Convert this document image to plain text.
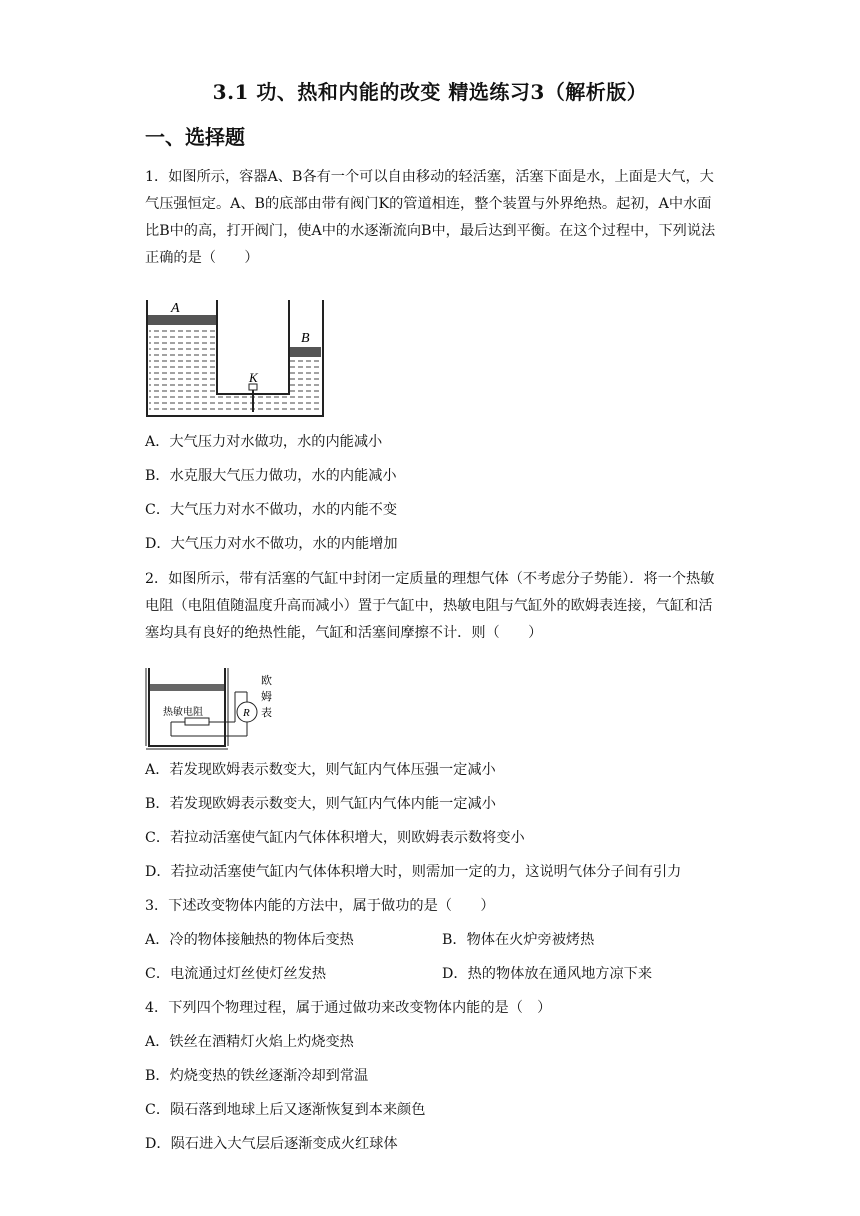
3.1 功、热和内能的改变 精选练习3（解析版）
一、选择题
1．如图所示，容器A、B各有一个可以自由移动的轻活塞，活塞下面是水，上面是大气，大气压强恒定。A、B的底部由带有阀门K的管道相连，整个装置与外界绝热。起初，A中水面比B中的高，打开阀门，使A中的水逐渐流向B中，最后达到平衡。在这个过程中，下列说法正确的是（　　）
A
B
K
A．大气压力对水做功，水的内能减小
B．水克服大气压力做功，水的内能减小
C．大气压力对水不做功，水的内能不变
D．大气压力对水不做功，水的内能增加
2．如图所示，带有活塞的气缸中封闭一定质量的理想气体（不考虑分子势能）．将一个热敏电阻（电阻值随温度升高而减小）置于气缸中，热敏电阻与气缸外的欧姆表连接，气缸和活塞均具有良好的绝热性能，气缸和活塞间摩擦不计．则（　　）
R
热敏电阻
欧 姆 表
A．若发现欧姆表示数变大，则气缸内气体压强一定减小
B．若发现欧姆表示数变大，则气缸内气体内能一定减小
C．若拉动活塞使气缸内气体体积增大，则欧姆表示数将变小
D．若拉动活塞使气缸内气体体积增大时，则需加一定的力，这说明气体分子间有引力
3．下述改变物体内能的方法中，属于做功的是（　　）
A．冷的物体接触热的物体后变热	B．物体在火炉旁被烤热
C．电流通过灯丝使灯丝发热	D．热的物体放在通风地方凉下来
4．下列四个物理过程，属于通过做功来改变物体内能的是（　）
A．铁丝在酒精灯火焰上灼烧变热
B．灼烧变热的铁丝逐渐冷却到常温
C．陨石落到地球上后又逐渐恢复到本来颜色
D．陨石进入大气层后逐渐变成火红球体
